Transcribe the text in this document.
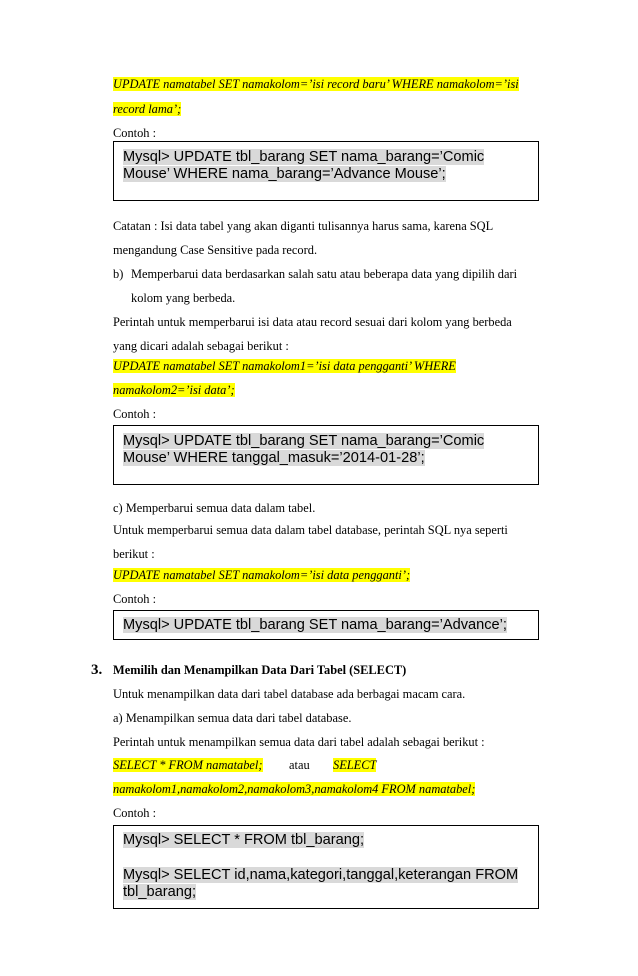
UPDATE namatabel SET namakolom=’isi record baru’ WHERE namakolom=’isi
record lama’;
Contoh :
Mysql> UPDATE tbl_barang SET nama_barang=’Comic
Mouse’ WHERE nama_barang=’Advance Mouse’;
Catatan : Isi data tabel yang akan diganti tulisannya harus sama, karena SQL
mengandung Case Sensitive pada record.
b) Memperbarui data berdasarkan salah satu atau beberapa data yang dipilih dari
kolom yang berbeda.
Perintah untuk memperbarui isi data atau record sesuai dari kolom yang berbeda
yang dicari adalah sebagai berikut :
UPDATE namatabel SET namakolom1=’isi data pengganti’ WHERE
namakolom2=’isi data’;
Contoh :
Mysql> UPDATE tbl_barang SET nama_barang=’Comic
Mouse’ WHERE tanggal_masuk=’2014-01-28’;
c) Memperbarui semua data dalam tabel.
Untuk memperbarui semua data dalam tabel database, perintah SQL nya seperti
berikut :
UPDATE namatabel SET namakolom=’isi data pengganti’;
Contoh :
Mysql> UPDATE tbl_barang SET nama_barang=’Advance’;
3. Memilih dan Menampilkan Data Dari Tabel (SELECT)
Untuk menampilkan data dari tabel database ada berbagai macam cara.
a) Menampilkan semua data dari tabel database.
Perintah untuk menampilkan semua data dari tabel adalah sebagai berikut :
SELECT * FROM namatabel; atau SELECT
namakolom1,namakolom2,namakolom3,namakolom4 FROM namatabel;
Contoh :
Mysql> SELECT * FROM tbl_barang;
Mysql> SELECT id,nama,kategori,tanggal,keterangan FROM
tbl_barang;
